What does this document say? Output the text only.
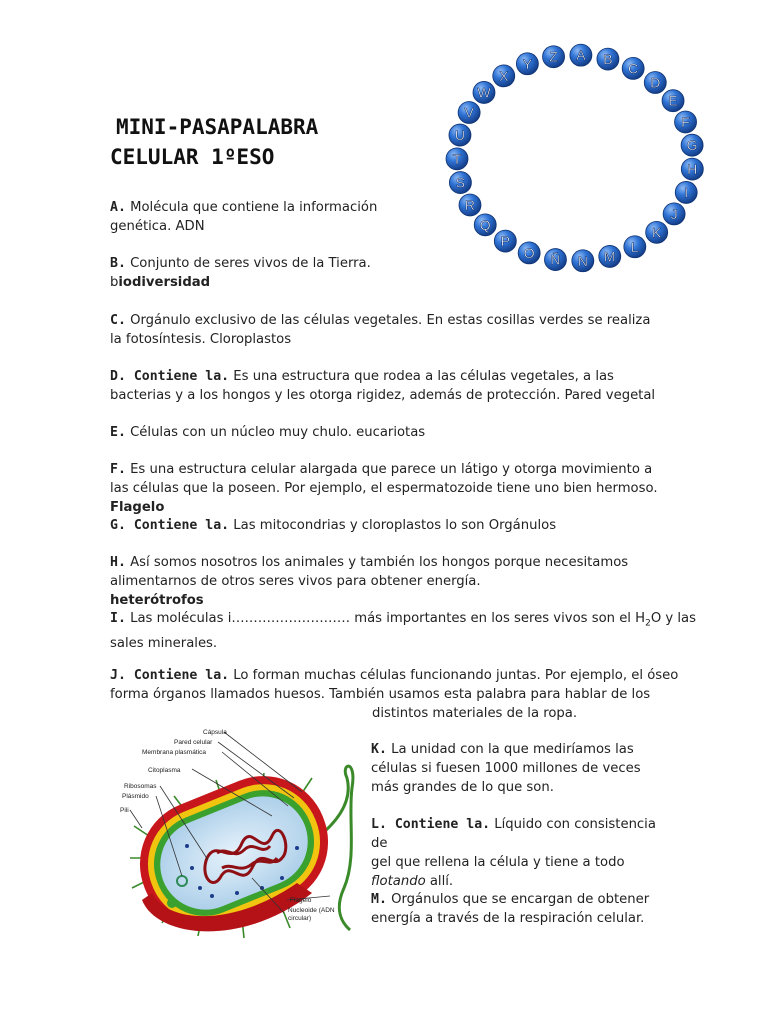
MINI-PASAPALABRA
CELULAR 1ºESO
A B
C
D
E
F
G
H
I
J
K
L
M
N
Ñ
O
P
Q
R
S
T
U
V
W
X
Y Z
A. Molécula que contiene la información
genética. ADN
B. Conjunto de seres vivos de la Tierra.
biodiversidad
C. Orgánulo exclusivo de las células vegetales. En estas cosillas verdes se realiza
la fotosíntesis. Cloroplastos
D. Contiene la. Es una estructura que rodea a las células vegetales, a las
bacterias y a los hongos y les otorga rigidez, además de protección. Pared vegetal
E. Células con un núcleo muy chulo. eucariotas
F. Es una estructura celular alargada que parece un látigo y otorga movimiento a
las células que la poseen. Por ejemplo, el espermatozoide tiene uno bien hermoso.
Flagelo
G. Contiene la. Las mitocondrias y cloroplastos lo son Orgánulos
H. Así somos nosotros los animales y también los hongos porque necesitamos
alimentarnos de otros seres vivos para obtener energía.
heterótrofos
I. Las moléculas i……………………… más importantes en los seres vivos son el $H_2O$ y las
sales minerales.
J. Contiene la. Lo forman muchas células funcionando juntas. Por ejemplo, el óseo
forma órganos llamados huesos. También usamos esta palabra para hablar de los
distintos materiales de la ropa.
K. La unidad con la que mediríamos las
células si fuesen 1000 millones de veces
más grandes de lo que son.
L. Contiene la. Líquido con consistencia de
gel que rellena la célula y tiene a todo
flotando allí.
M. Orgánulos que se encargan de obtener
energía a través de la respiración celular.
Cápsula
Pared celular
Membrana plasmática
Citoplasma
Ribosomas
Plásmido
Pili
Flagelo
Nucleoide (ADN
circular)
